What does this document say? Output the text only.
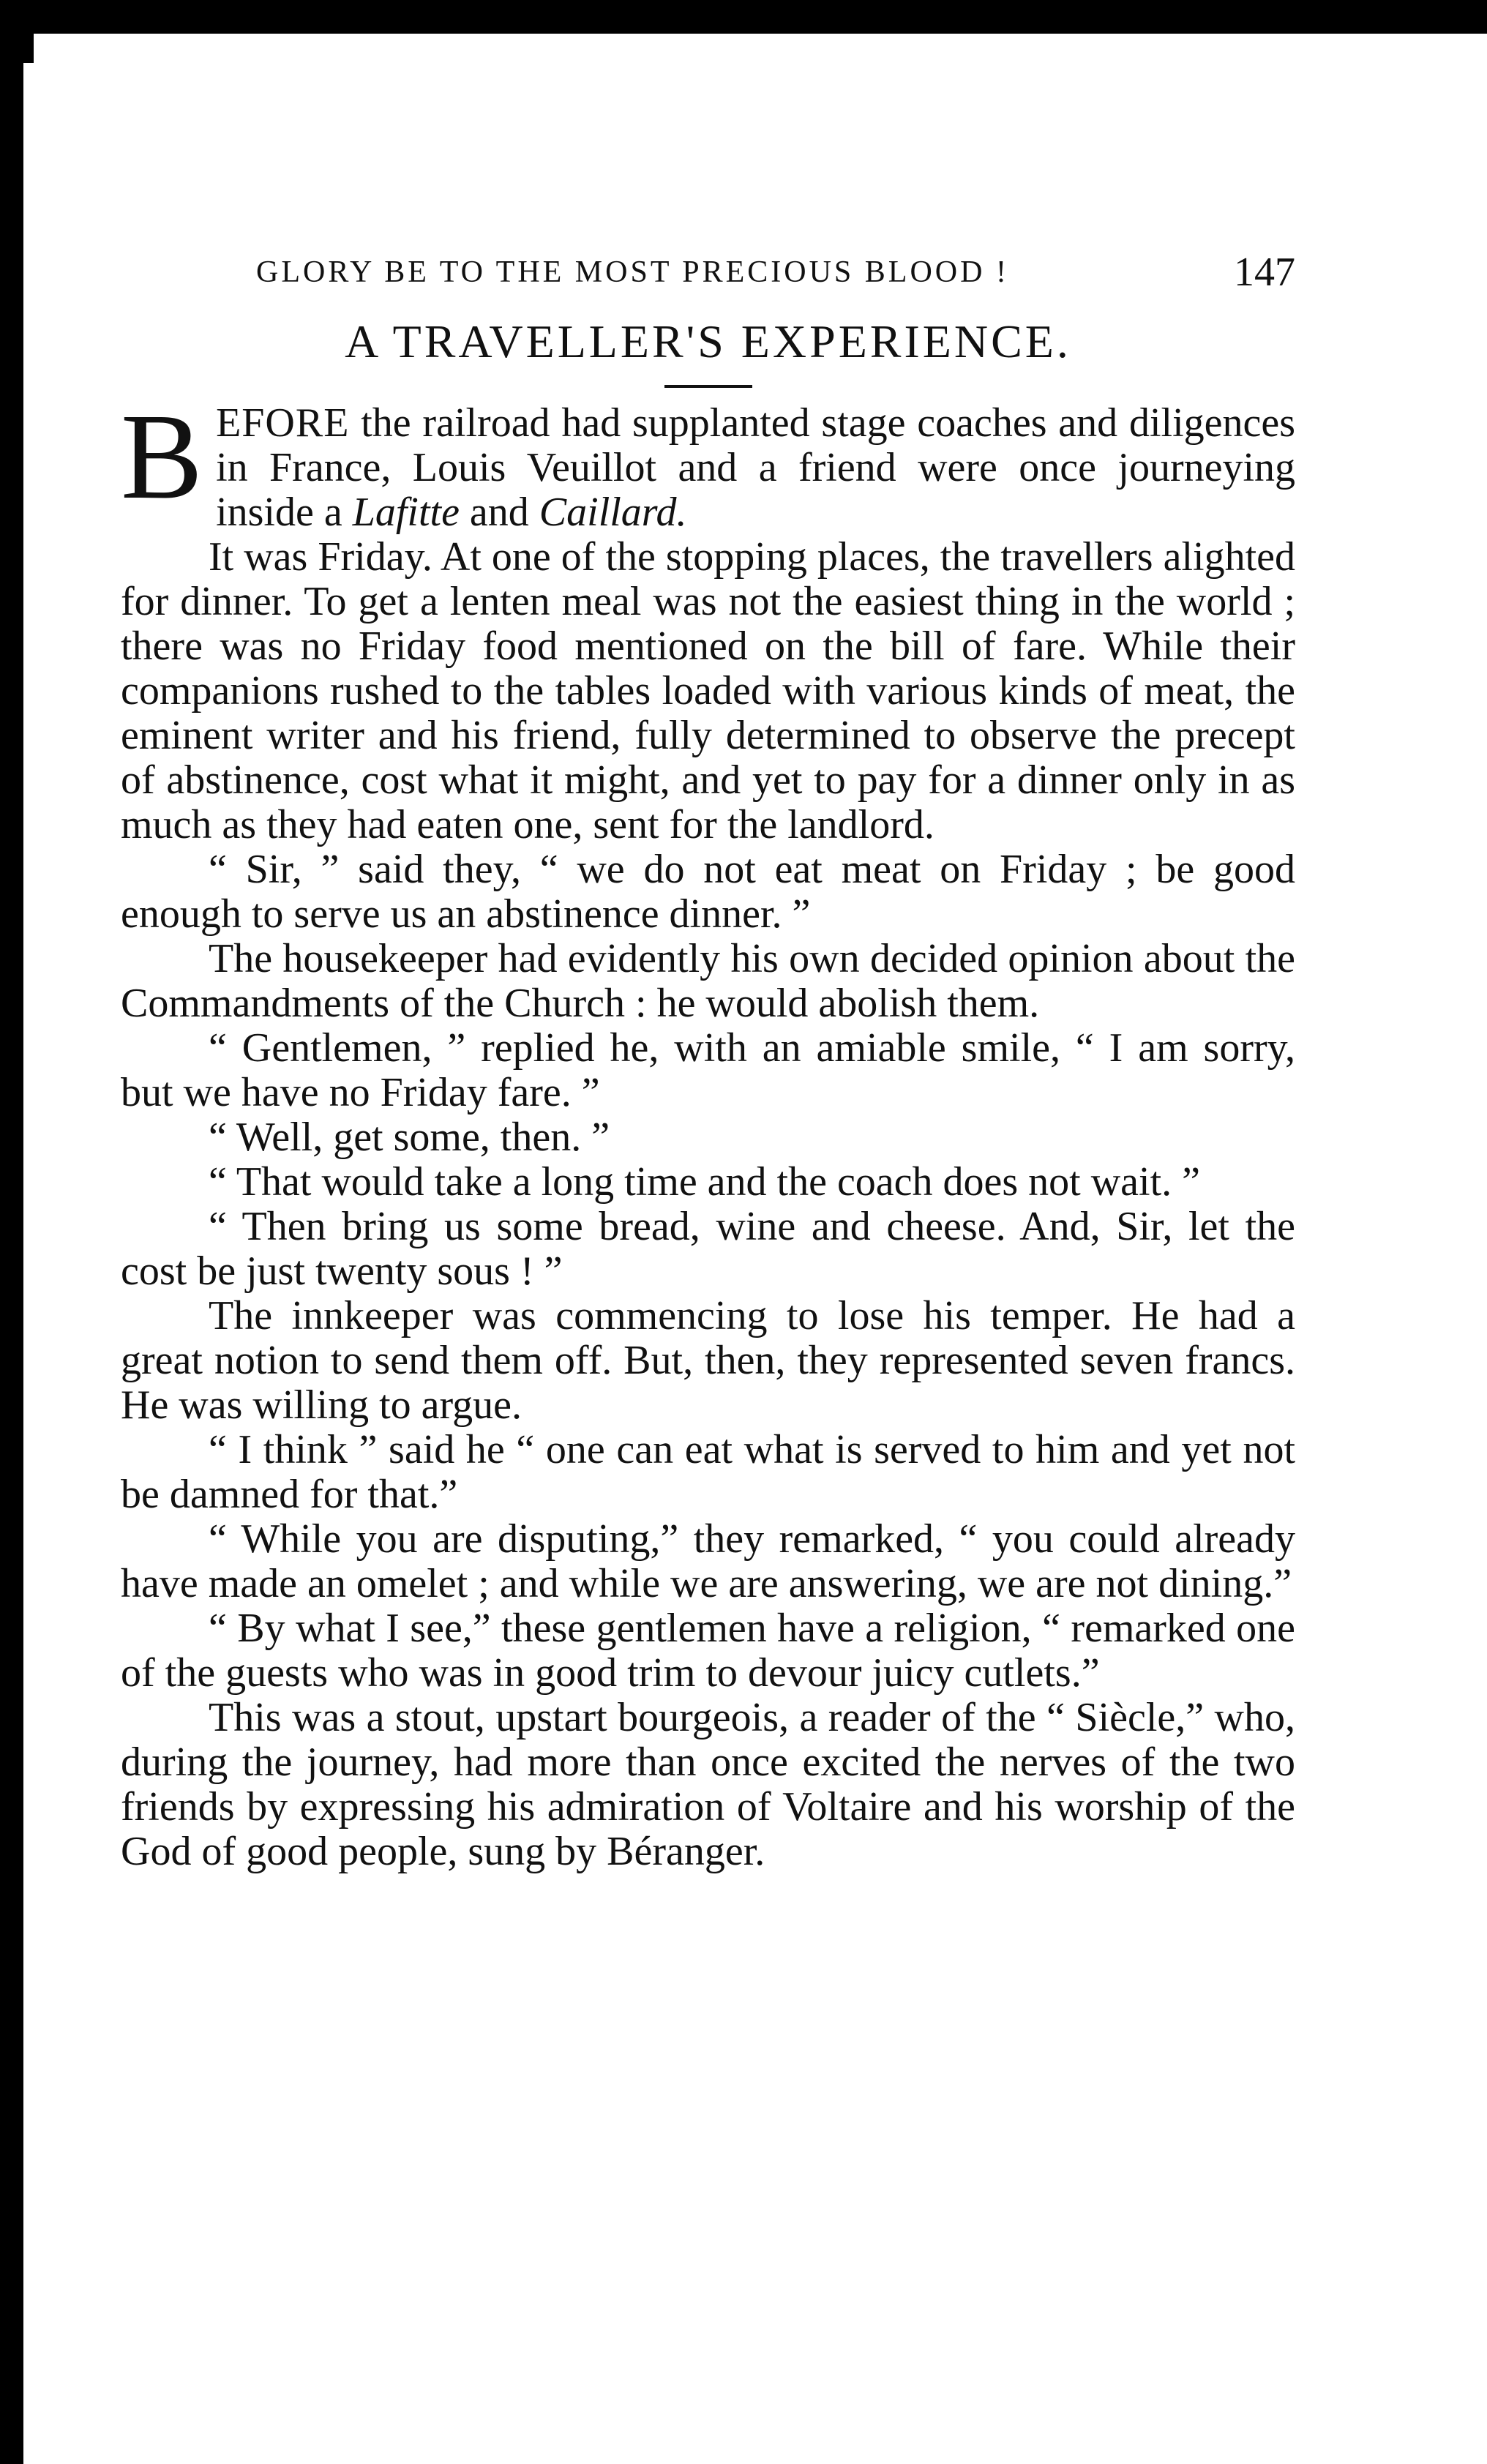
GLORY BE TO THE MOST PRECIOUS BLOOD !	147
A TRAVELLER'S EXPERIENCE.

BEFORE the railroad had supplanted stage coaches and diligences in France, Louis Veuillot and a friend were once journeying inside a Lafitte and Caillard.

It was Friday. At one of the stopping places, the travellers alighted for dinner. To get a lenten meal was not the easiest thing in the world ; there was no Friday food mentioned on the bill of fare. While their companions rushed to the tables loaded with various kinds of meat, the eminent writer and his friend, fully determined to observe the precept of abstinence, cost what it might, and yet to pay for a dinner only in as much as they had eaten one, sent for the landlord.

“ Sir, ” said they, “ we do not eat meat on Friday ; be good enough to serve us an abstinence dinner. ”

The housekeeper had evidently his own decided opinion about the Commandments of the Church : he would abolish them.

“ Gentlemen, ” replied he, with an amiable smile, “ I am sorry, but we have no Friday fare. ”

“ Well, get some, then. ”

“ That would take a long time and the coach does not wait. ”

“ Then bring us some bread, wine and cheese. And, Sir, let the cost be just twenty sous ! ”

The innkeeper was commencing to lose his temper. He had a great notion to send them off. But, then, they represented seven francs. He was willing to argue.

“ I think ” said he “ one can eat what is served to him and yet not be damned for that.”

“ While you are disputing,” they remarked, “ you could already have made an omelet ; and while we are answering, we are not dining.”

“ By what I see,” these gentlemen have a religion, “ remarked one of the guests who was in good trim to devour juicy cutlets.”

This was a stout, upstart bourgeois, a reader of the “ Siècle,” who, during the journey, had more than once excited the nerves of the two friends by expressing his admiration of Voltaire and his worship of the God of good people, sung by Béranger.
